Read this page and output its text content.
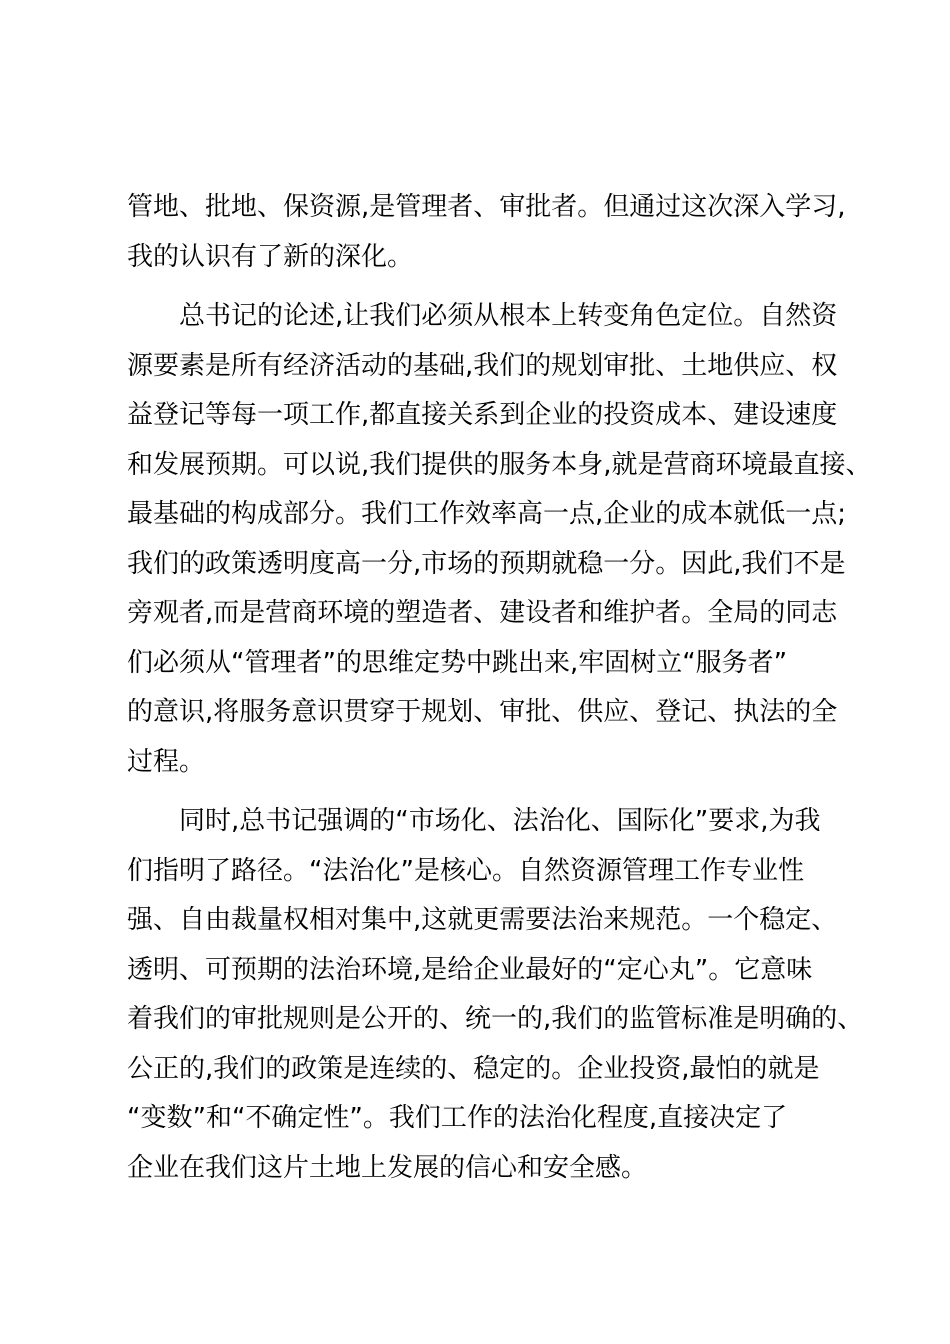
管地、批地、保资源,是管理者、审批者。但通过这次深入学习,
我的认识有了新的深化。
　　总书记的论述,让我们必须从根本上转变角色定位。自然资
源要素是所有经济活动的基础,我们的规划审批、土地供应、权
益登记等每一项工作,都直接关系到企业的投资成本、建设速度
和发展预期。可以说,我们提供的服务本身,就是营商环境最直接、
最基础的构成部分。我们工作效率高一点,企业的成本就低一点;
我们的政策透明度高一分,市场的预期就稳一分。因此,我们不是
旁观者,而是营商环境的塑造者、建设者和维护者。全局的同志
们必须从“管理者”的思维定势中跳出来,牢固树立“服务者”
的意识,将服务意识贯穿于规划、审批、供应、登记、执法的全
过程。
　　同时,总书记强调的“市场化、法治化、国际化”要求,为我
们指明了路径。“法治化”是核心。自然资源管理工作专业性
强、自由裁量权相对集中,这就更需要法治来规范。一个稳定、
透明、可预期的法治环境,是给企业最好的“定心丸”。它意味
着我们的审批规则是公开的、统一的,我们的监管标准是明确的、
公正的,我们的政策是连续的、稳定的。企业投资,最怕的就是
“变数”和“不确定性”。我们工作的法治化程度,直接决定了
企业在我们这片土地上发展的信心和安全感。
